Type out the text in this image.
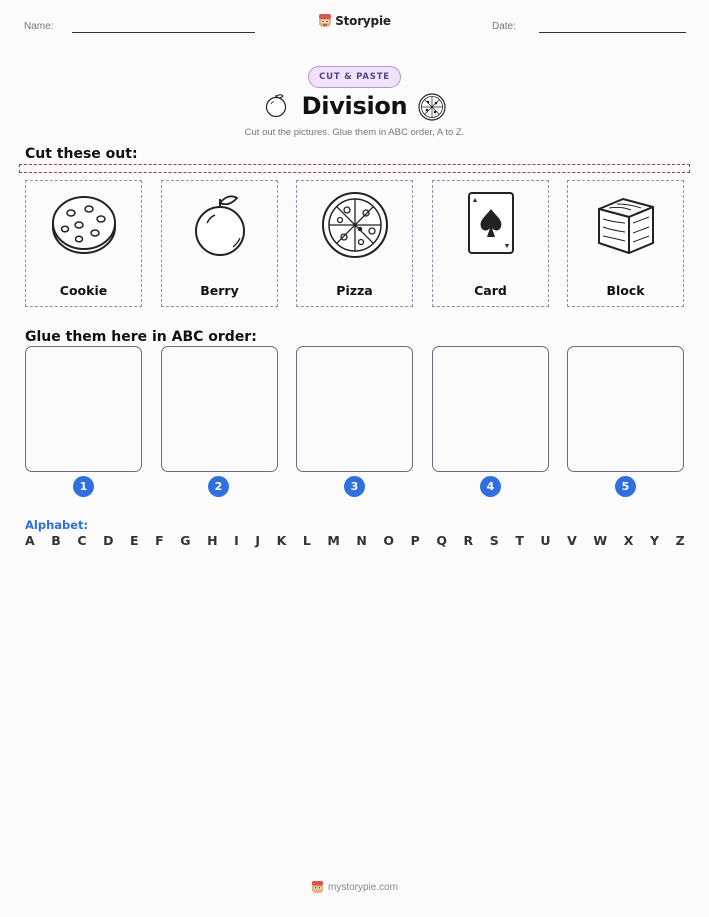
Name:	Storypie	Date:
CUT & PASTE
Division
Cut out the pictures. Glue them in ABC order, A to Z.
Cut these out:
Cookie	Berry	Pizza	Card	Block
Glue them here in ABC order:
1	2	3	4	5
Alphabet:
A B C D E F G H I J K L M N O P Q R S T U V W X Y Z
mystorypie.com
